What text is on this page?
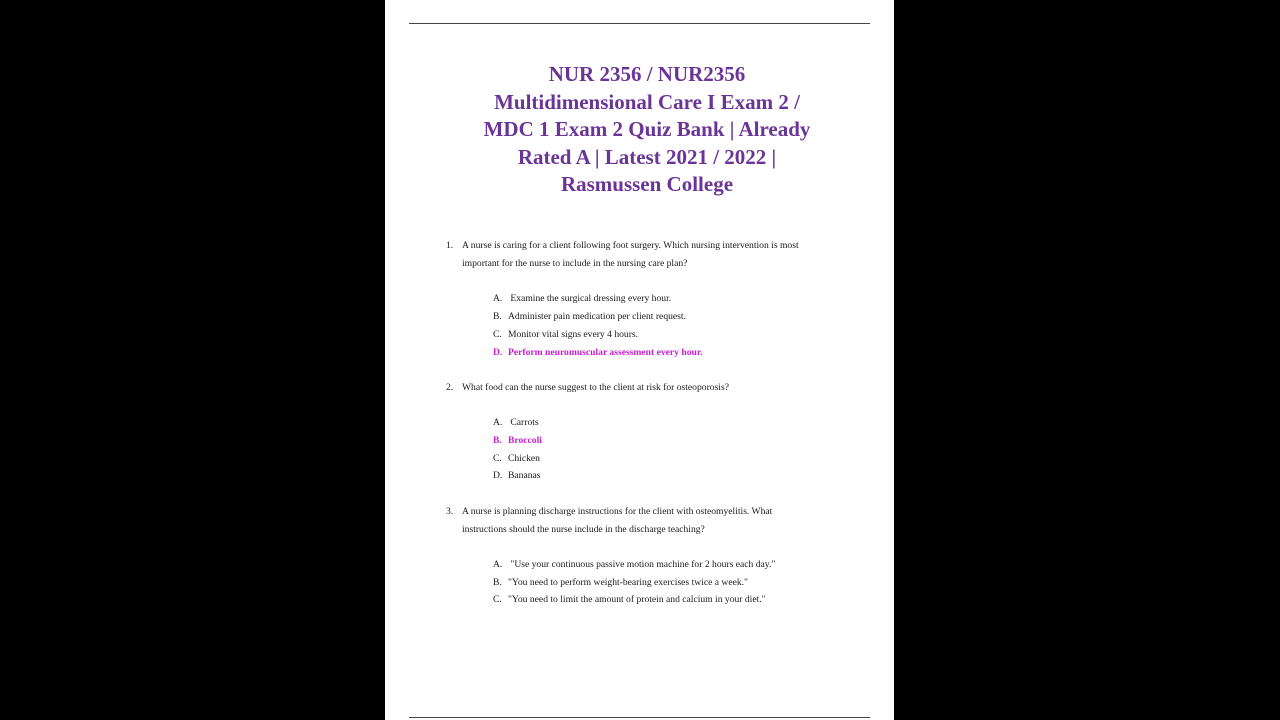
NUR 2356 / NUR2356
Multidimensional Care I Exam 2 /
MDC 1 Exam 2 Quiz Bank | Already
Rated A | Latest 2021 / 2022 |
Rasmussen College
1. A nurse is caring for a client following foot surgery. Which nursing intervention is most
important for the nurse to include in the nursing care plan?
A. Examine the surgical dressing every hour.
B. Administer pain medication per client request.
C. Monitor vital signs every 4 hours.
D. Perform neuromuscular assessment every hour.
2. What food can the nurse suggest to the client at risk for osteoporosis?
A. Carrots
B. Broccoli
C. Chicken
D. Bananas
3. A nurse is planning discharge instructions for the client with osteomyelitis. What
instructions should the nurse include in the discharge teaching?
A. "Use your continuous passive motion machine for 2 hours each day."
B. "You need to perform weight-bearing exercises twice a week."
C. "You need to limit the amount of protein and calcium in your diet."
